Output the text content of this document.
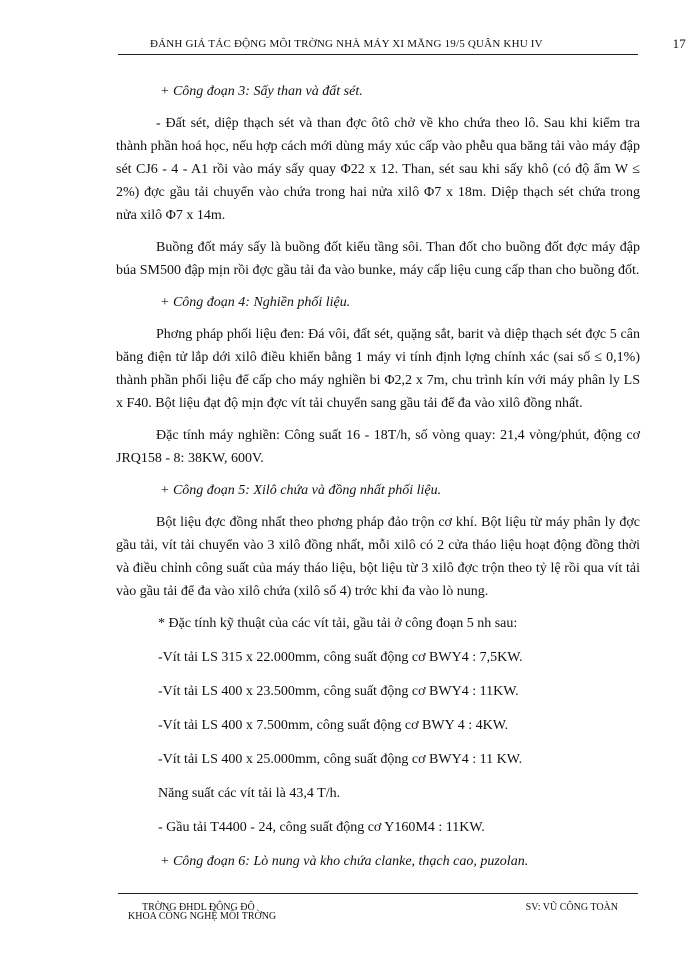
ĐÁNH GIÁ TÁC ĐỘNG MÔI TRỜNG NHÀ MÁY XI MĂNG 19/5 QUÂN KHU IV	17

+ Công đoạn 3: Sấy than và đất sét.

- Đất sét, diệp thạch sét và than đợc ôtô chở về kho chứa theo lô. Sau khi kiểm tra thành phần hoá học, nếu hợp cách mới dùng máy xúc cấp vào phễu qua băng tải vào máy đập sét CJ6 - 4 - A1 rồi vào máy sấy quay Φ22 x 12. Than, sét sau khi sấy khô (có độ ẩm W ≤ 2%) đợc gầu tải chuyển vào chứa trong hai nửa xilô Φ7 x 18m. Diệp thạch sét chứa trong nửa xilô Φ7 x 14m.

Buồng đốt máy sấy là buồng đốt kiểu tầng sôi. Than đốt cho buồng đốt đợc máy đập búa SM500 đập mịn rồi đợc gầu tải đa vào bunke, máy cấp liệu cung cấp than cho buồng đốt.

+ Công đoạn 4: Nghiền phối liệu.

Phơng pháp phối liệu đen: Đá vôi, đất sét, quặng sắt, barit và diệp thạch sét đợc 5 cân băng điện tử lắp dới xilô điều khiển bằng 1 máy vi tính định lợng chính xác (sai số ≤ 0,1%) thành phần phối liệu để cấp cho máy nghiền bi Φ2,2 x 7m, chu trình kín với máy phân ly LS x F40. Bột liệu đạt độ mịn đợc vít tải chuyển sang gầu tải để đa vào xilô đồng nhất.

Đặc tính máy nghiền: Công suất 16 - 18T/h, số vòng quay: 21,4 vòng/phút, động cơ JRQ158 - 8: 38KW, 600V.

+ Công đoạn 5: Xilô chứa và đồng nhất phối liệu.

Bột liệu đợc đồng nhất theo phơng pháp đảo trộn cơ khí. Bột liệu từ máy phân ly đợc gầu tải, vít tải chuyển vào 3 xilô đồng nhất, mỗi xilô có 2 cửa tháo liệu hoạt động đồng thời và điều chỉnh công suất của máy tháo liệu, bột liệu từ 3 xilô đợc trộn theo tỷ lệ rồi qua vít tải vào gầu tải để đa vào xilô chứa (xilô số 4) trớc khi đa vào lò nung.

* Đặc tính kỹ thuật của các vít tải, gầu tải ở công đoạn 5 nh sau:

-Vít tải LS 315 x 22.000mm, công suất động cơ BWY4 : 7,5KW.

-Vít tải LS 400 x 23.500mm, công suất động cơ BWY4 : 11KW.

-Vít tải LS 400 x 7.500mm, công suất động cơ BWY 4 : 4KW.

-Vít tải LS 400 x 25.000mm, công suất động cơ BWY4 : 11 KW.

Năng suất các vít tải là 43,4 T/h.

- Gầu tải T4400 - 24, công suất động cơ Y160M4 : 11KW.

+ Công đoạn 6: Lò nung và kho chứa clanke, thạch cao, puzolan.

TRỜNG ĐHDL ĐÔNG ĐÔ
KHOA CÔNG NGHỆ MÔI TRỜNG
SV: VŨ CÔNG TOÀN
